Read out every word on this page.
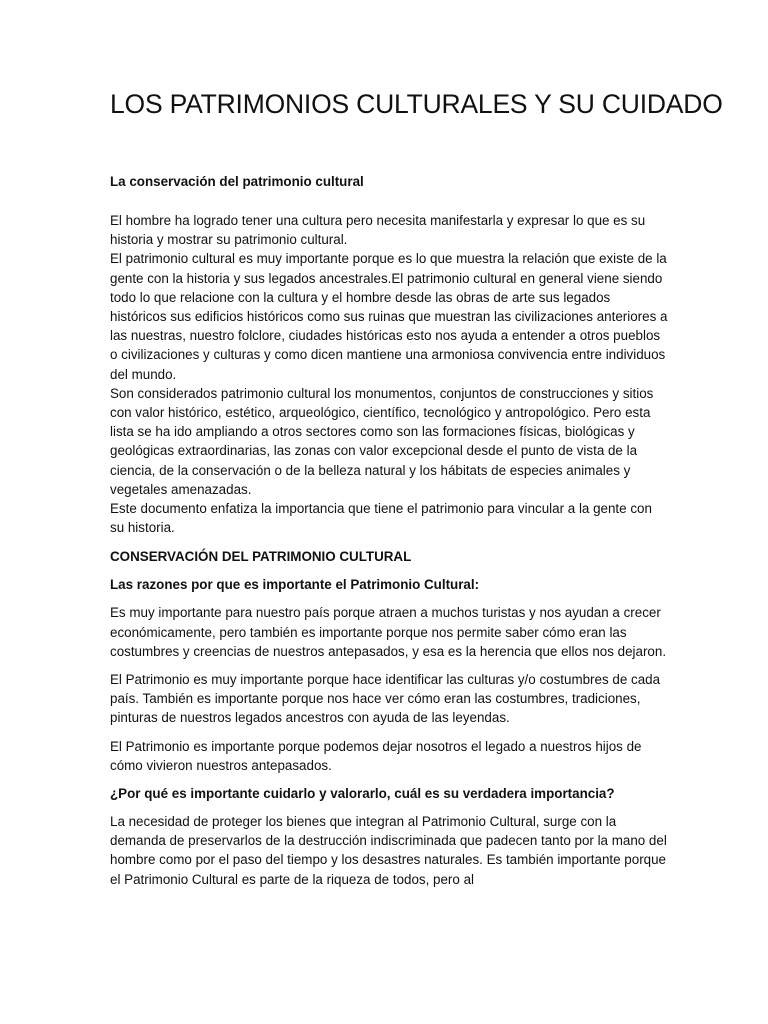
LOS PATRIMONIOS CULTURALES Y SU CUIDADO
La conservación del patrimonio cultural

El hombre ha logrado tener una cultura pero necesita manifestarla y expresar lo que es su historia y mostrar su patrimonio cultural.

El patrimonio cultural es muy importante porque es lo que muestra la relación que existe de la gente con la historia y sus legados ancestrales.El patrimonio cultural en general viene siendo todo lo que relacione con la cultura y el hombre desde las obras de arte sus legados históricos sus edificios históricos como sus ruinas que muestran las civilizaciones anteriores a las nuestras, nuestro folclore, ciudades históricas esto nos ayuda a entender a otros pueblos o civilizaciones y culturas y como dicen mantiene una armoniosa convivencia entre individuos del mundo.

Son considerados patrimonio cultural los monumentos, conjuntos de construcciones y sitios con valor histórico, estético, arqueológico, científico, tecnológico y antropológico. Pero esta lista se ha ido ampliando a otros sectores como son las formaciones físicas, biológicas y geológicas extraordinarias, las zonas con valor excepcional desde el punto de vista de la ciencia, de la conservación o de la belleza natural y los hábitats de especies animales y vegetales amenazadas.

Este documento enfatiza la importancia que tiene el patrimonio para vincular a la gente con su historia.

CONSERVACIÓN DEL PATRIMONIO CULTURAL
Las razones por que es importante el Patrimonio Cultural:

Es muy importante para nuestro país porque atraen a muchos turistas y nos ayudan a crecer económicamente, pero también es importante porque nos permite saber cómo eran las costumbres y creencias de nuestros antepasados, y esa es la herencia que ellos nos dejaron.

El Patrimonio es muy importante porque hace identificar las culturas y/o costumbres de cada país. También es importante porque nos hace ver cómo eran las costumbres, tradiciones, pinturas de nuestros legados ancestros con ayuda de las leyendas.

El Patrimonio es importante porque podemos dejar nosotros el legado a nuestros hijos de cómo vivieron nuestros antepasados.

¿Por qué es importante cuidarlo y valorarlo, cuál es su verdadera importancia?

La necesidad de proteger los bienes que integran al Patrimonio Cultural, surge con la demanda de preservarlos de la destrucción indiscriminada que padecen tanto por la mano del hombre como por el paso del tiempo y los desastres naturales. Es también importante porque el Patrimonio Cultural es parte de la riqueza de todos, pero al
